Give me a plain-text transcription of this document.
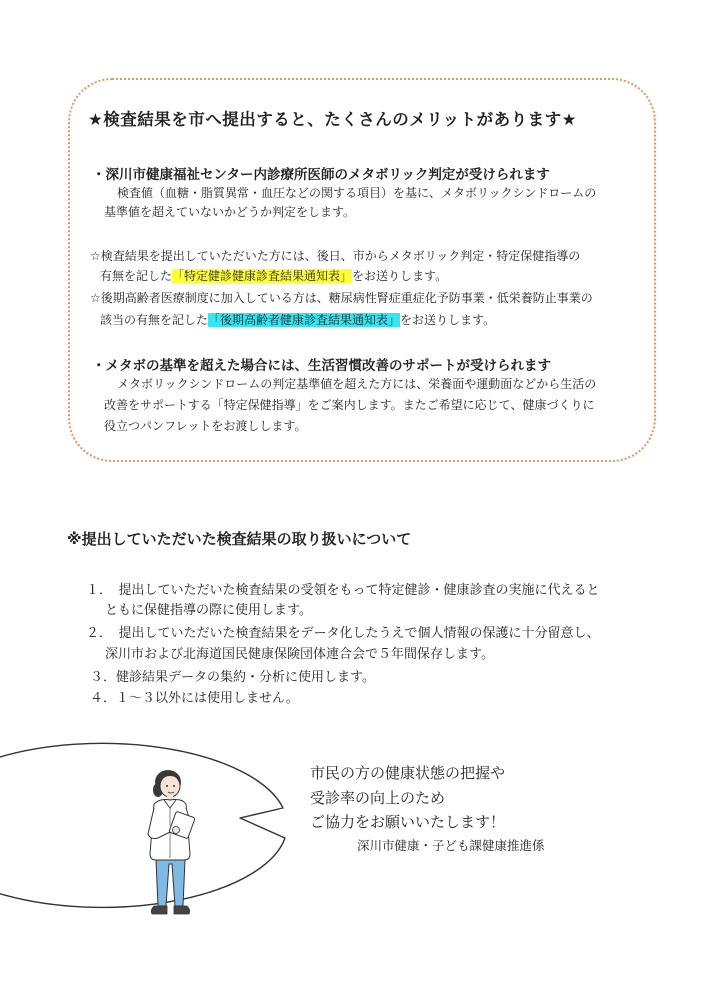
★検査結果を市へ提出すると、たくさんのメリットがあります★
・深川市健康福祉センター内診療所医師のメタボリック判定が受けられます
検査値（血糖・脂質異常・血圧などの関する項目）を基に、メタボリックシンドロームの
基準値を超えていないかどうか判定をします。
☆検査結果を提出していただいた方には、後日、市からメタボリック判定・特定保健指導の
有無を記した「特定健診健康診査結果通知表」をお送りします。
☆後期高齢者医療制度に加入している方は、糖尿病性腎症重症化予防事業・低栄養防止事業の
該当の有無を記した「後期高齢者健康診査結果通知表」をお送りします。
・メタボの基準を超えた場合には、生活習慣改善のサポートが受けられます
メタボリックシンドロームの判定基準値を超えた方には、栄養面や運動面などから生活の
改善をサポートする「特定保健指導」をご案内します。またご希望に応じて、健康づくりに
役立つパンフレットをお渡しします。
※提出していただいた検査結果の取り扱いについて
１．　提出していただいた検査結果の受領をもって特定健診・健康診査の実施に代えると
ともに保健指導の際に使用します。
２．　提出していただいた検査結果をデータ化したうえで個人情報の保護に十分留意し、
深川市および北海道国民健康保険団体連合会で５年間保存します。
３．健診結果データの集約・分析に使用します。
４．１～３以外には使用しません。
市民の方の健康状態の把握や
受診率の向上のため
ご協力をお願いいたします！
深川市健康・子ども課健康推進係
